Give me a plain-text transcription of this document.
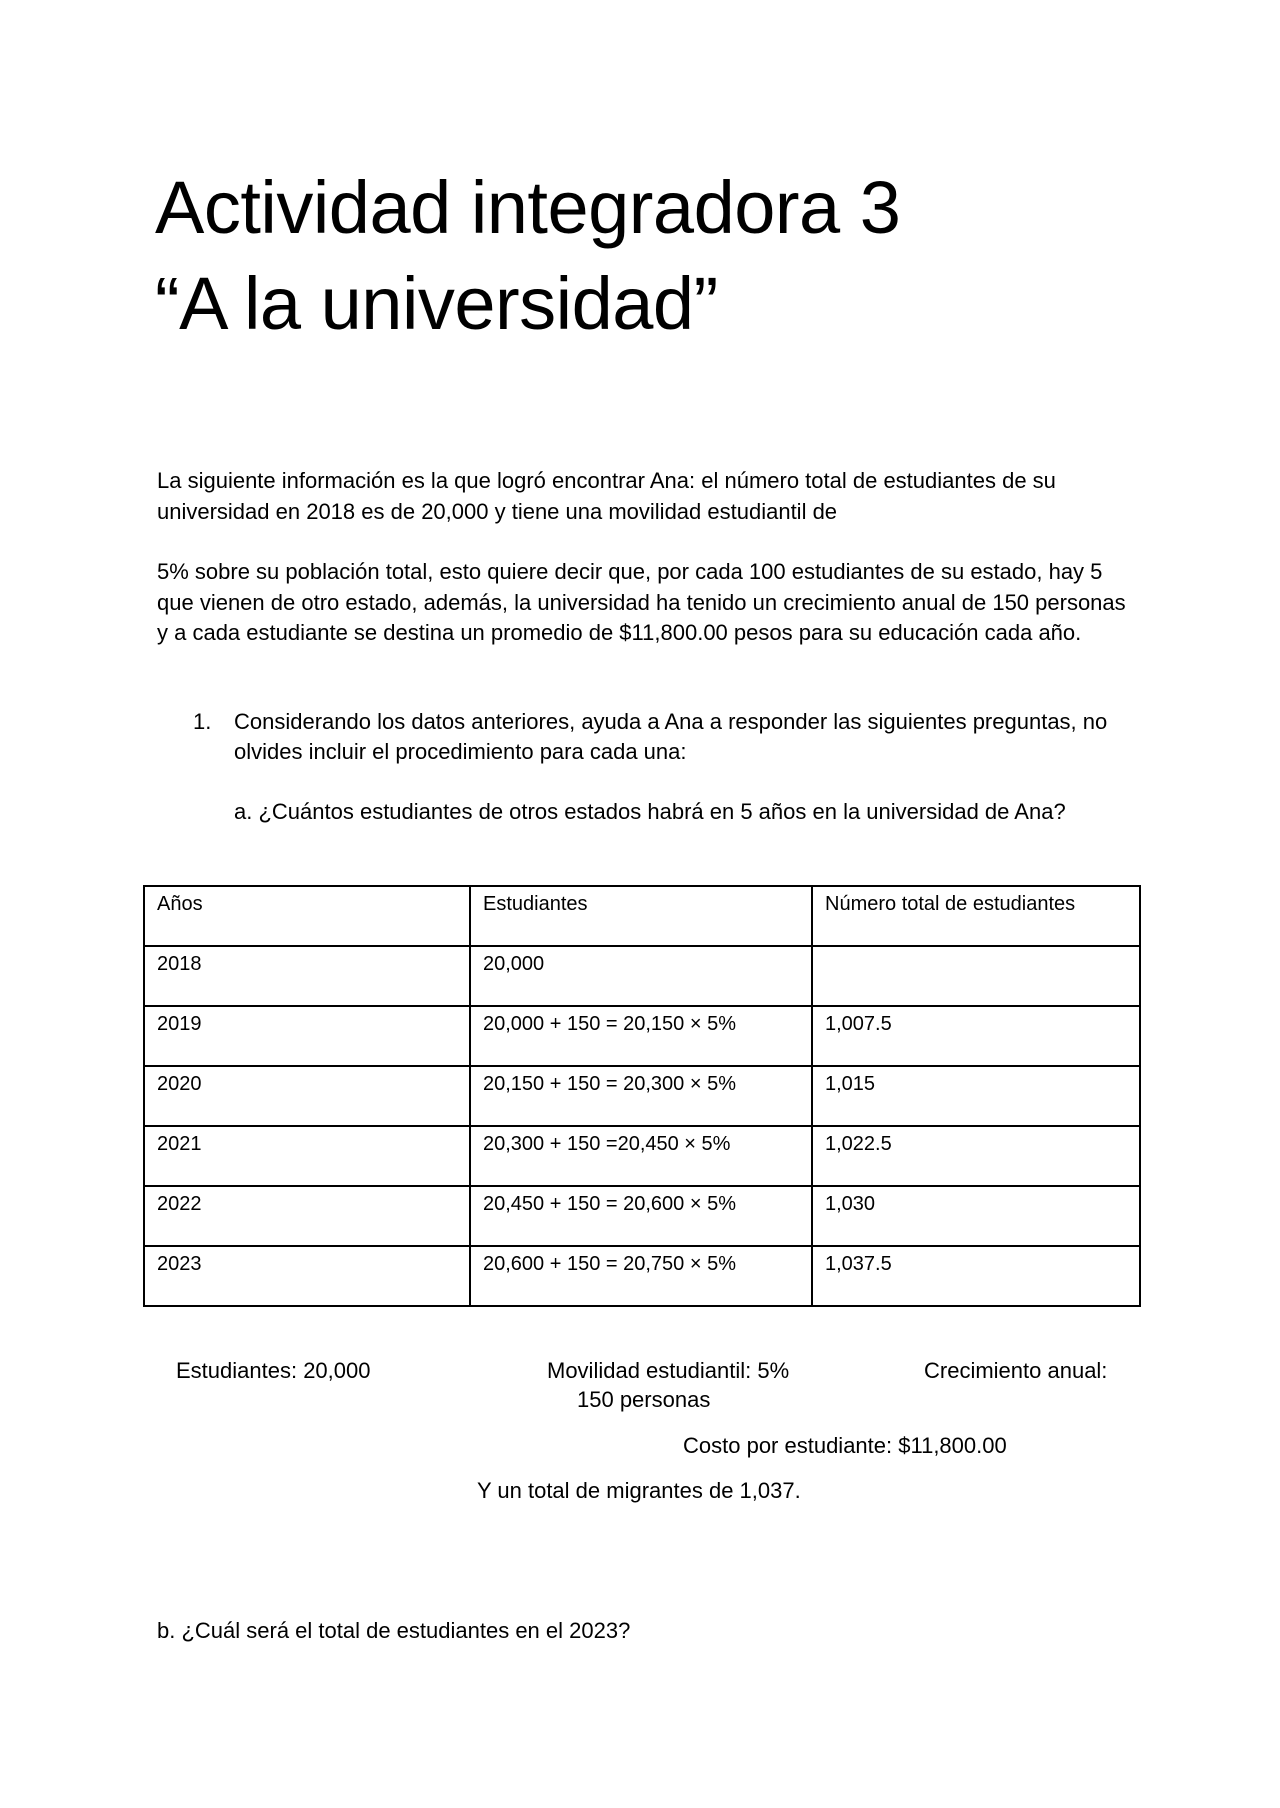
Actividad integradora 3
“A la universidad”

La siguiente información es la que logró encontrar Ana: el número total de estudiantes de su universidad en 2018 es de 20,000 y tiene una movilidad estudiantil de

5% sobre su población total, esto quiere decir que, por cada 100 estudiantes de su estado, hay 5 que vienen de otro estado, además, la universidad ha tenido un crecimiento anual de 150 personas y a cada estudiante se destina un promedio de $11,800.00 pesos para su educación cada año.

1. Considerando los datos anteriores, ayuda a Ana a responder las siguientes preguntas, no olvides incluir el procedimiento para cada una:

a. ¿Cuántos estudiantes de otros estados habrá en 5 años en la universidad de Ana?

Años	Estudiantes	Número total de estudiantes
2018	20,000	
2019	20,000 + 150 = 20,150 × 5%	1,007.5
2020	20,150 + 150 = 20,300 × 5%	1,015
2021	20,300 + 150 =20,450 × 5%	1,022.5
2022	20,450 + 150 = 20,600 × 5%	1,030
2023	20,600 + 150 = 20,750 × 5%	1,037.5

Estudiantes: 20,000	Movilidad estudiantil: 5%	Crecimiento anual:

150 personas

Costo por estudiante: $11,800.00

Y un total de migrantes de 1,037.

b. ¿Cuál será el total de estudiantes en el 2023?
